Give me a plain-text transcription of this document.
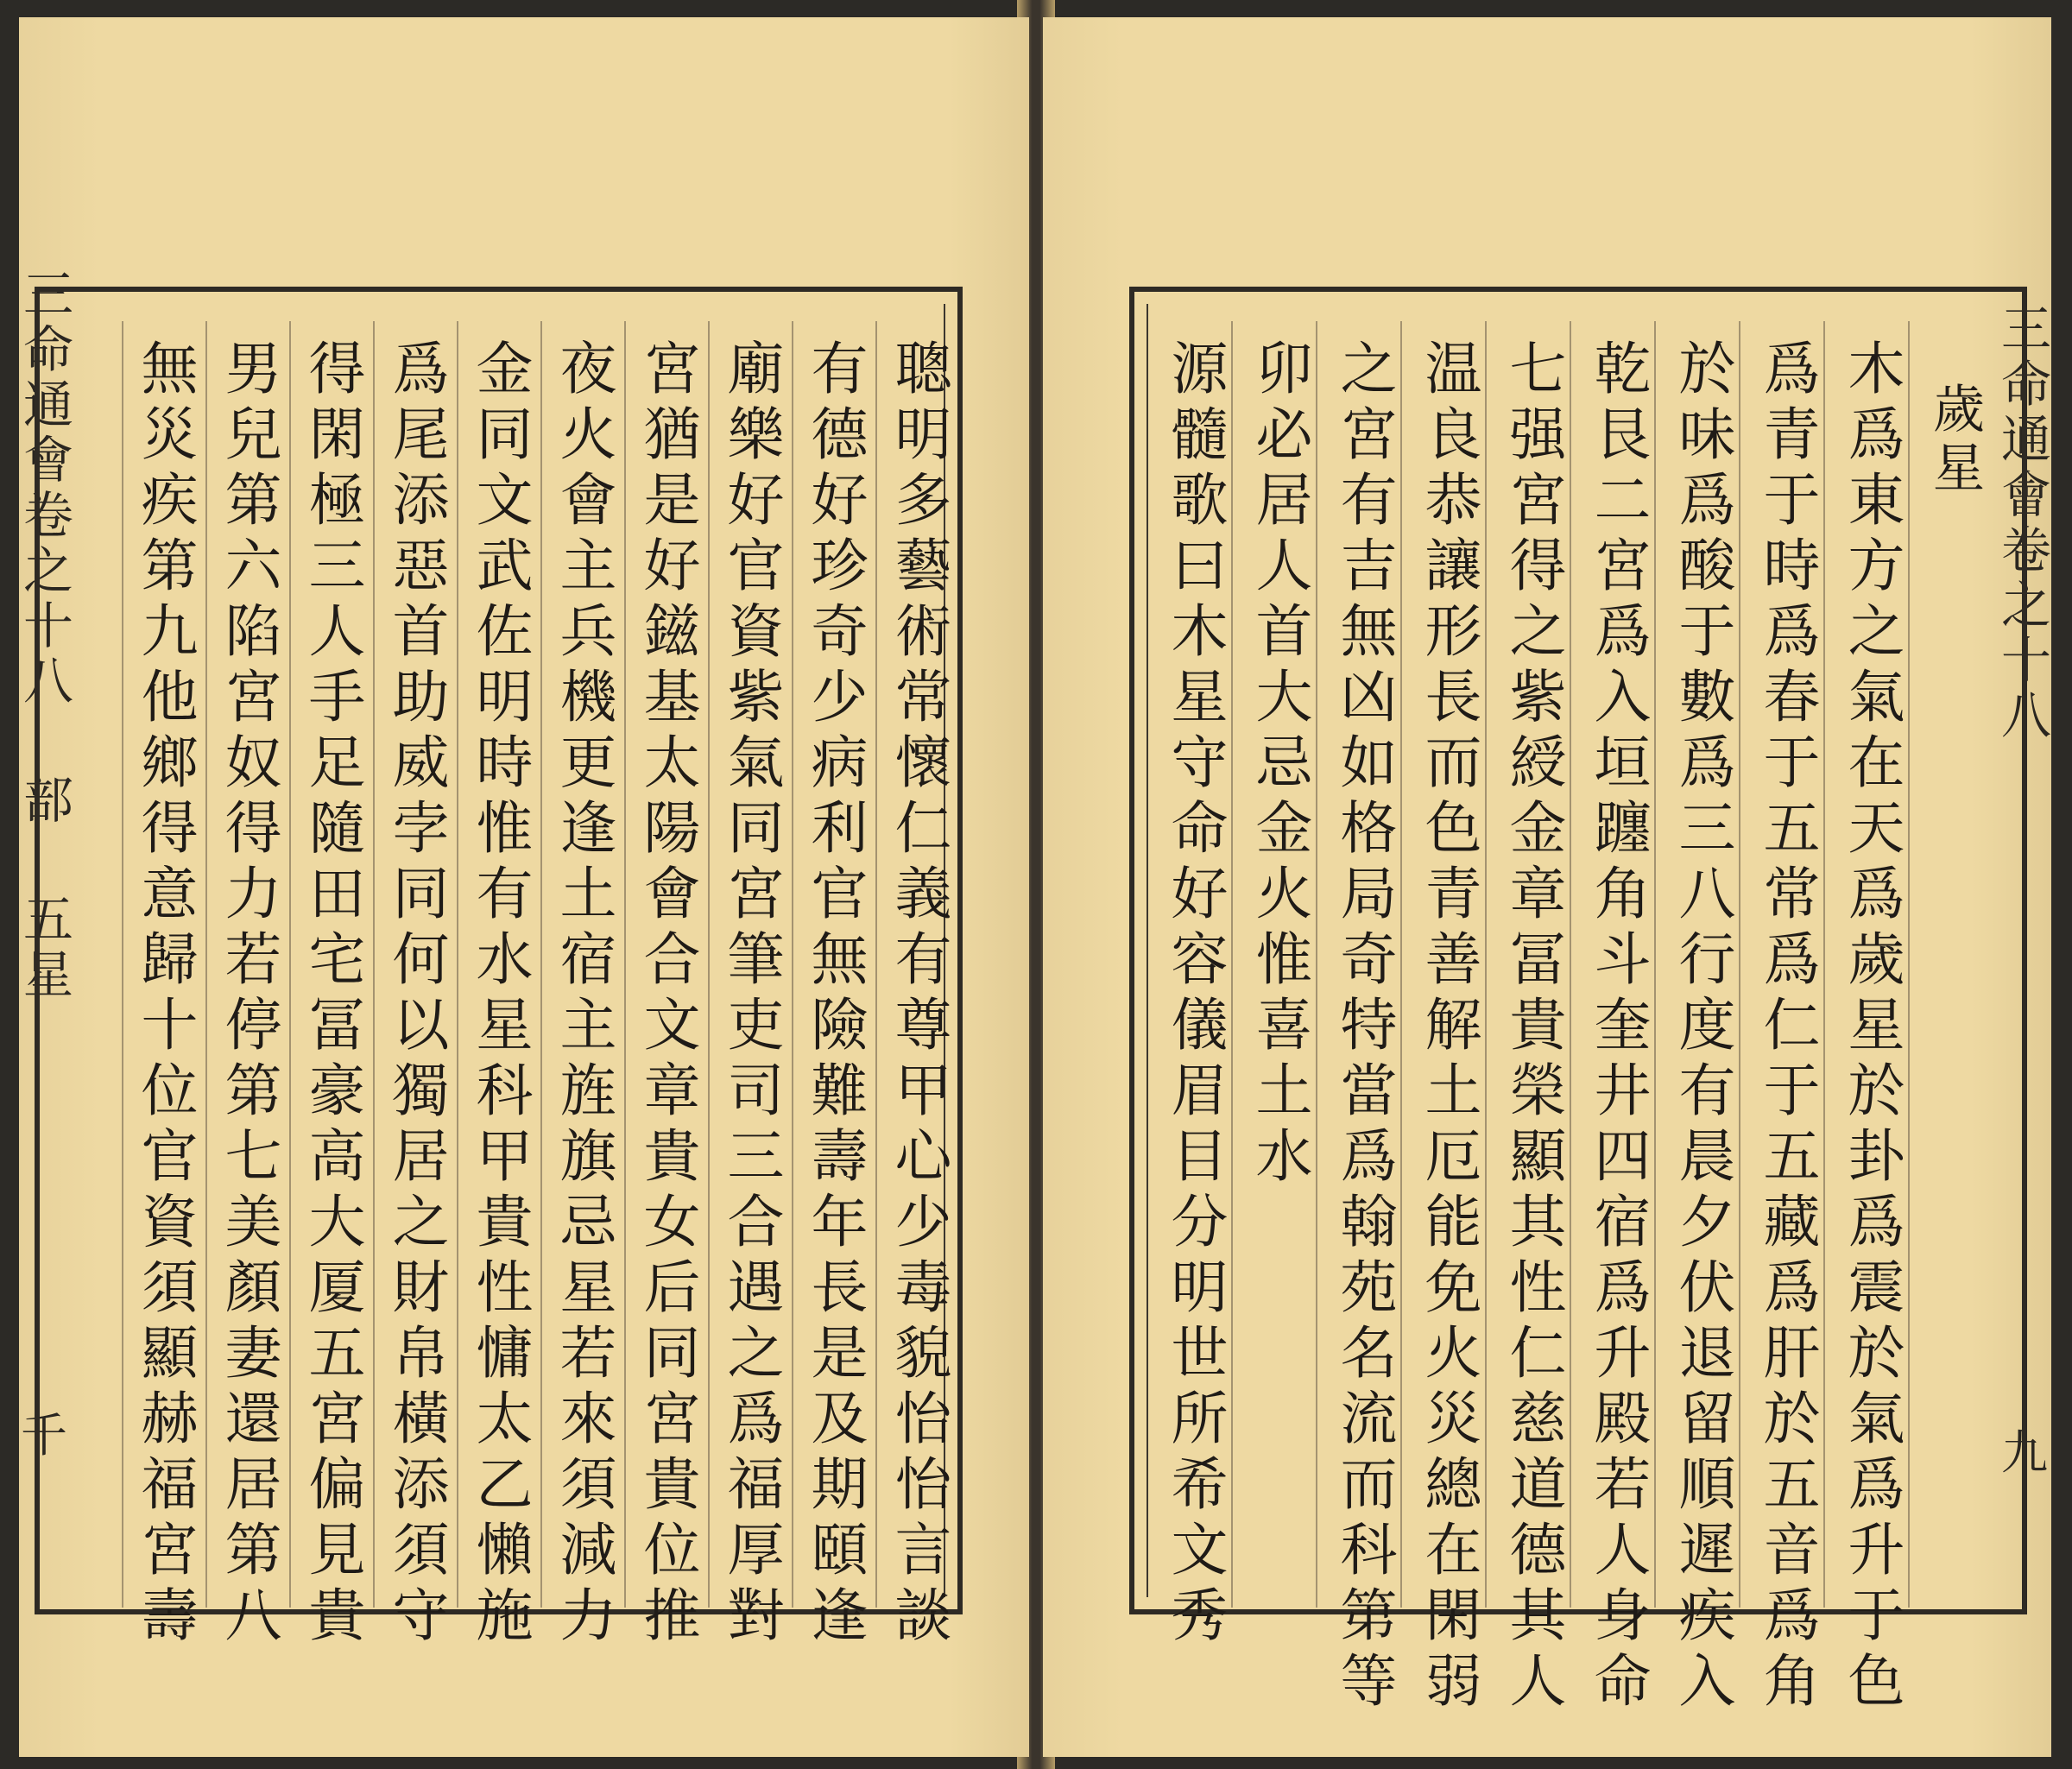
三命通會卷之十八 部 五星
千	聰明多藝術常懷仁義有尊甲心少毒貌怡怡言談
有德好珍奇少病利官無險難壽年長是及期頤逢
廟樂好官資紫氣同宮筆吏司三合遇之爲福厚對
宮猶是好鎡基太陽會合文章貴女后同宮貴位推
夜火會主兵機更逢土宿主旌旗忌星若來須減力
金同文武佐明時惟有水星科甲貴性慵太乙懶施
爲尾添惡首助威孛同何以獨居之財帛橫添須守
得閑極三人手足隨田宅冨豪高大厦五宮偏見貴
男兒第六陷宮奴得力若停第七美顏妻還居第八
無災疾第九他鄉得意歸十位官資須顯赫福宮壽	三命通會卷之十八
九
歲星
木爲東方之氣在天爲歲星於卦爲震於氣爲升于色
爲青于時爲春于五常爲仁于五藏爲肝於五音爲角
於味爲酸于數爲三八行度有晨夕伏退留順遲疾入
乾艮二宮爲入垣躔角斗奎井四宿爲升殿若人身命
七强宮得之紫綬金章冨貴榮顯其性仁慈道德其人
温良恭讓形長而色青善解土厄能免火災總在閑弱
之宮有吉無凶如格局奇特當爲翰苑名流而科第等
卯必居人首大忌金火惟喜土水
源髓歌曰木星守命好容儀眉目分明世所希文秀
